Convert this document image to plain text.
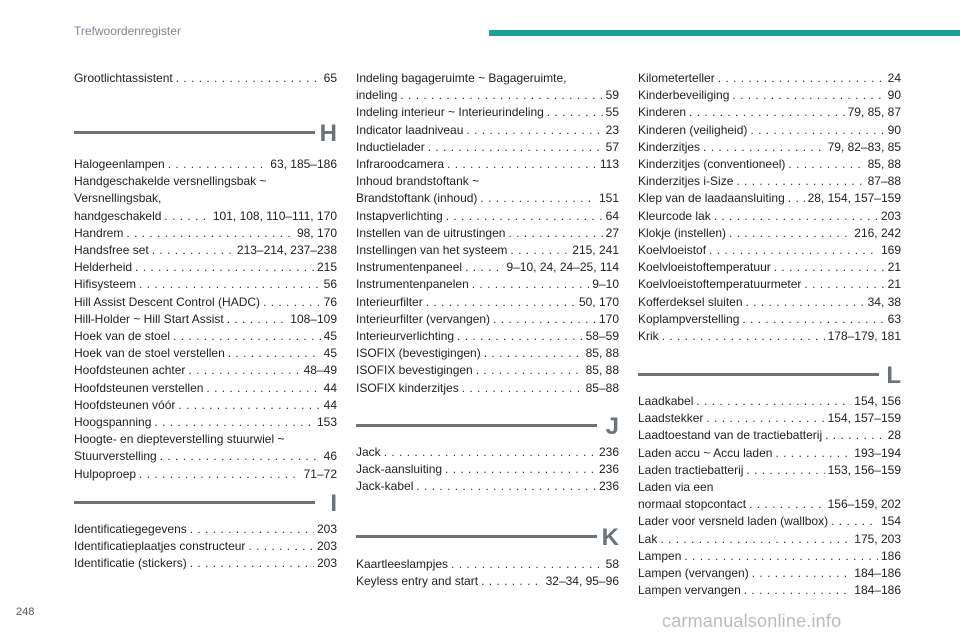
Trefwoordenregister
Grootlichtassistent . . .	65
H
Halogeenlampen . . .	63, 185–186
Handgeschakelde versnellingsbak ~
Versnellingsbak,
handgeschakeld . . .	101, 108, 110–111, 170
Handrem . . .	98, 170
Handsfree set . . .	213–214, 237–238
Helderheid . . .	215
Hifisysteem . . .	56
Hill Assist Descent Control (HADC) . . .	76
Hill-Holder ~ Hill Start Assist . . .	108–109
Hoek van de stoel . . .	45
Hoek van de stoel verstellen . . .	45
Hoofdsteunen achter . . .	48–49
Hoofdsteunen verstellen . . .	44
Hoofdsteunen vóór . . .	44
Hoogspanning . . .	153
Hoogte- en diepteverstelling stuurwiel ~
Stuurverstelling . . .	46
Hulpoproep . . .	71–72
I
Identificatiegegevens . . .	203
Identificatieplaatjes constructeur . . .	203
Identificatie (stickers) . . .	203
Indeling bagageruimte ~ Bagageruimte,
indeling . . .	59
Indeling interieur ~ Interieurindeling . . .	55
Indicator laadniveau . . .	23
Inductielader . . .	57
Infraroodcamera . . .	113
Inhoud brandstoftank ~
Brandstoftank (inhoud) . . .	151
Instapverlichting . . .	64
Instellen van de uitrustingen . . .	27
Instellingen van het systeem . . .	215, 241
Instrumentenpaneel . . .	9–10, 24, 24–25, 114
Instrumentenpanelen . . .	9–10
Interieurfilter . . .	50, 170
Interieurfilter (vervangen) . . .	170
Interieurverlichting . . .	58–59
ISOFIX (bevestigingen) . . .	85, 88
ISOFIX bevestigingen . . .	85, 88
ISOFIX kinderzitjes . . .	85–88
J
Jack . . .	236
Jack-aansluiting . . .	236
Jack-kabel . . .	236
K
Kaartleeslampjes . . .	58
Keyless entry and start . . .	32–34, 95–96
Kilometerteller . . .	24
Kinderbeveiliging . . .	90
Kinderen . . .	79, 85, 87
Kinderen (veiligheid) . . .	90
Kinderzitjes . . .	79, 82–83, 85
Kinderzitjes (conventioneel) . . .	85, 88
Kinderzitjes i-Size . . .	87–88
Klep van de laadaansluiting . . . 28, 154, 157–159
Kleurcode lak . . .	203
Klokje (instellen) . . .	216, 242
Koelvloeistof . . .	169
Koelvloeistoftemperatuur . . .	21
Koelvloeistoftemperatuurmeter . . .	21
Kofferdeksel sluiten . . .	34, 38
Koplampverstelling . . .	63
Krik . . .	178–179, 181
L
Laadkabel . . .	154, 156
Laadstekker . . .	154, 157–159
Laadtoestand van de tractiebatterij . . .	28
Laden accu ~ Accu laden . . .	193–194
Laden tractiebatterij . . .	153, 156–159
Laden via een
normaal stopcontact . . .	156–159, 202
Lader voor versneld laden (wallbox) . . .	154
Lak . . .	175, 203
Lampen . . .	186
Lampen (vervangen) . . .	184–186
Lampen vervangen . . .	184–186
248	carmanualsonline.info
